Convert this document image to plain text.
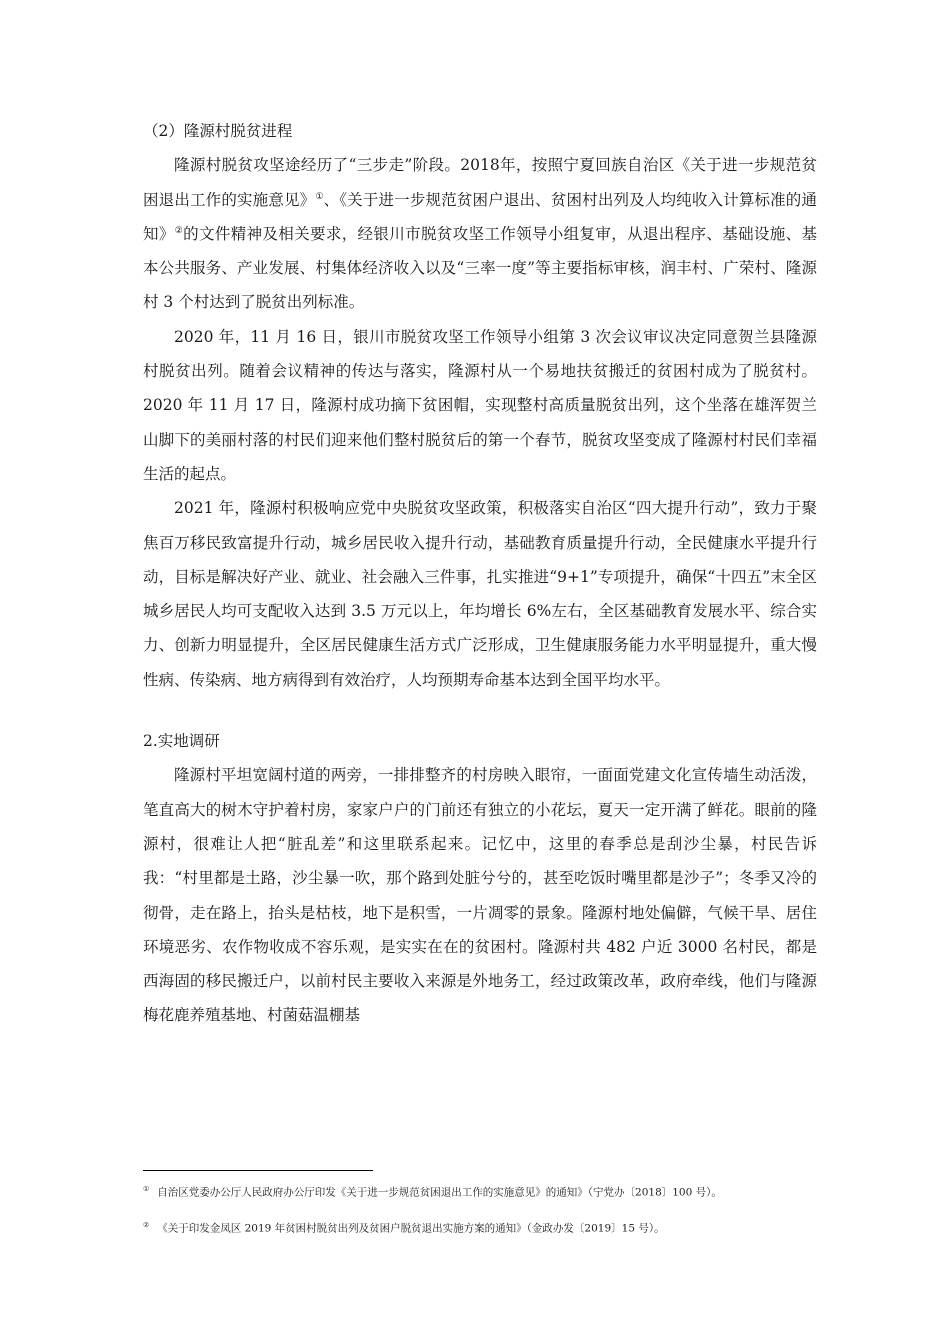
（2）隆源村脱贫进程

隆源村脱贫攻坚途经历了“三步走”阶段。2018年，按照宁夏回族自治区《关于进一步规范贫困退出工作的实施意见》①、《关于进一步规范贫困户退出、贫困村出列及人均纯收入计算标准的通知》②的文件精神及相关要求，经银川市脱贫攻坚工作领导小组复审，从退出程序、基础设施、基本公共服务、产业发展、村集体经济收入以及“三率一度”等主要指标审核，润丰村、广荣村、隆源村 3 个村达到了脱贫出列标准。

2020 年，11 月 16 日，银川市脱贫攻坚工作领导小组第 3 次会议审议决定同意贺兰县隆源村脱贫出列。随着会议精神的传达与落实，隆源村从一个易地扶贫搬迁的贫困村成为了脱贫村。2020 年 11 月 17 日，隆源村成功摘下贫困帽，实现整村高质量脱贫出列，这个坐落在雄浑贺兰山脚下的美丽村落的村民们迎来他们整村脱贫后的第一个春节，脱贫攻坚变成了隆源村村民们幸福生活的起点。

2021 年，隆源村积极响应党中央脱贫攻坚政策，积极落实自治区“四大提升行动”，致力于聚焦百万移民致富提升行动，城乡居民收入提升行动，基础教育质量提升行动，全民健康水平提升行动，目标是解决好产业、就业、社会融入三件事，扎实推进“9+1”专项提升，确保“十四五”末全区城乡居民人均可支配收入达到 3.5 万元以上，年均增长 6%左右，全区基础教育发展水平、综合实力、创新力明显提升，全区居民健康生活方式广泛形成，卫生健康服务能力水平明显提升，重大慢性病、传染病、地方病得到有效治疗，人均预期寿命基本达到全国平均水平。

2.实地调研

隆源村平坦宽阔村道的两旁，一排排整齐的村房映入眼帘，一面面党建文化宣传墙生动活泼，笔直高大的树木守护着村房，家家户户的门前还有独立的小花坛，夏天一定开满了鲜花。眼前的隆源村，很难让人把“脏乱差”和这里联系起来。记忆中，这里的春季总是刮沙尘暴，村民告诉我：“村里都是土路，沙尘暴一吹，那个路到处脏兮兮的，甚至吃饭时嘴里都是沙子”；冬季又冷的彻骨，走在路上，抬头是枯枝，地下是积雪，一片凋零的景象。隆源村地处偏僻，气候干旱、居住环境恶劣、农作物收成不容乐观，是实实在在的贫困村。隆源村共 482 户近 3000 名村民，都是西海固的移民搬迁户，以前村民主要收入来源是外地务工，经过政策改革，政府牵线，他们与隆源梅花鹿养殖基地、村菌菇温棚基

① 自治区党委办公厅人民政府办公厅印发《关于进一步规范贫困退出工作的实施意见》的通知》（宁党办〔2018〕100 号）。

② 《关于印发金凤区 2019 年贫困村脱贫出列及贫困户脱贫退出实施方案的通知》（金政办发〔2019〕15 号）。
